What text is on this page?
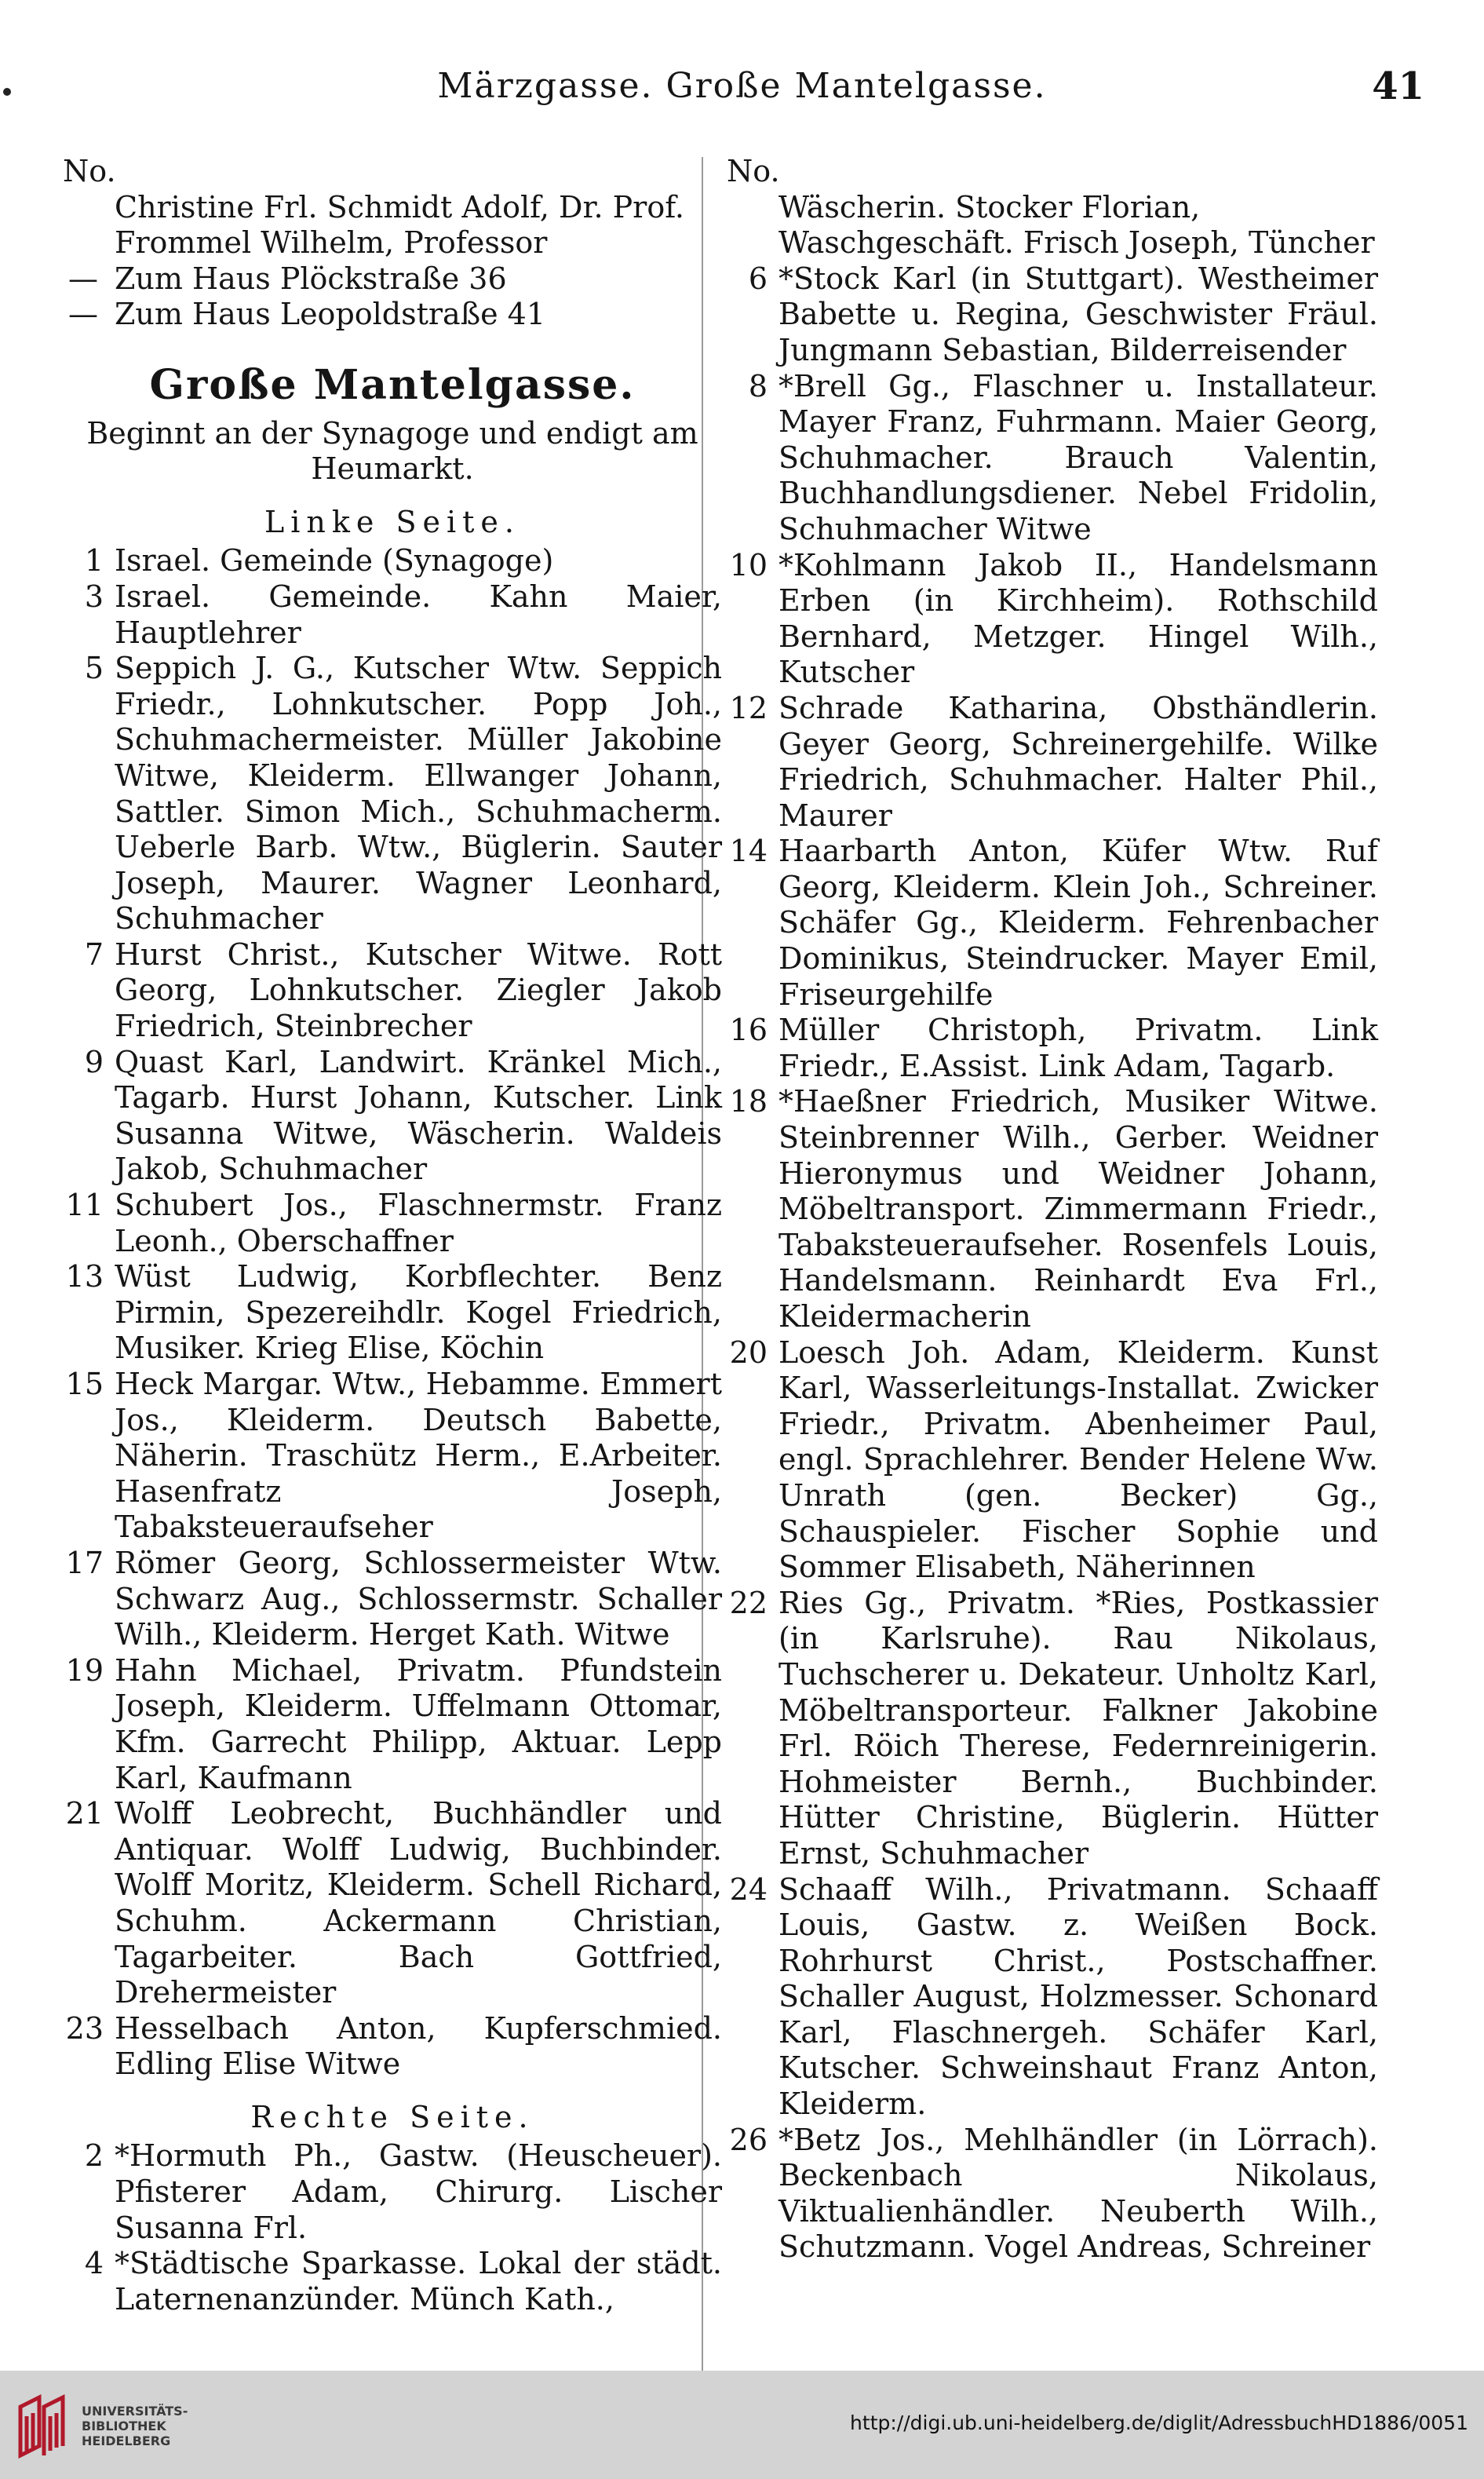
Märzgasse. Große Mantelgasse.	41
No.
Christine Frl. Schmidt Adolf, Dr. Prof. Frommel Wilhelm, Professor
— Zum Haus Plöckstraße 36
— Zum Haus Leopoldstraße 41
Große Mantelgasse.
Beginnt an der Synagoge und endigt am Heumarkt.
Linke Seite.
1 Israel. Gemeinde (Synagoge)
3 Israel. Gemeinde. Kahn Maier, Hauptlehrer
5 Seppich J. G., Kutscher Wtw. Seppich Friedr., Lohnkutscher. Popp Joh., Schuhmachermeister. Müller Jakobine Witwe, Kleiderm. Ellwanger Johann, Sattler. Simon Mich., Schuhmacherm. Ueberle Barb. Wtw., Büglerin. Sauter Joseph, Maurer. Wagner Leonhard, Schuhmacher
7 Hurst Christ., Kutscher Witwe. Rott Georg, Lohnkutscher. Ziegler Jakob Friedrich, Steinbrecher
9 Quast Karl, Landwirt. Kränkel Mich., Tagarb. Hurst Johann, Kutscher. Link Susanna Witwe, Wäscherin. Waldeis Jakob, Schuhmacher
11 Schubert Jos., Flaschnermstr. Franz Leonh., Oberschaffner
13 Wüst Ludwig, Korbflechter. Benz Pirmin, Spezereihdlr. Kogel Friedrich, Musiker. Krieg Elise, Köchin
15 Heck Margar. Wtw., Hebamme. Emmert Jos., Kleiderm. Deutsch Babette, Näherin. Traschütz Herm., E.Arbeiter. Hasenfratz Joseph, Tabaksteueraufseher
17 Römer Georg, Schlossermeister Wtw. Schwarz Aug., Schlossermstr. Schaller Wilh., Kleiderm. Herget Kath. Witwe
19 Hahn Michael, Privatm. Pfundstein Joseph, Kleiderm. Uffelmann Ottomar, Kfm. Garrecht Philipp, Aktuar. Lepp Karl, Kaufmann
21 Wolff Leobrecht, Buchhändler und Antiquar. Wolff Ludwig, Buchbinder. Wolff Moritz, Kleiderm. Schell Richard, Schuhm. Ackermann Christian, Tagarbeiter. Bach Gottfried, Drehermeister
23 Hesselbach Anton, Kupferschmied. Edling Elise Witwe
Rechte Seite.
2 *Hormuth Ph., Gastw. (Heuscheuer). Pfisterer Adam, Chirurg. Lischer Susanna Frl.
4 *Städtische Sparkasse. Lokal der städt. Laternenanzünder. Münch Kath.,
No.
Wäscherin. Stocker Florian, Waschgeschäft. Frisch Joseph, Tüncher
6 *Stock Karl (in Stuttgart). Westheimer Babette u. Regina, Geschwister Fräul. Jungmann Sebastian, Bilderreisender
8 *Brell Gg., Flaschner u. Installateur. Mayer Franz, Fuhrmann. Maier Georg, Schuhmacher. Brauch Valentin, Buchhandlungsdiener. Nebel Fridolin, Schuhmacher Witwe
10 *Kohlmann Jakob II., Handelsmann Erben (in Kirchheim). Rothschild Bernhard, Metzger. Hingel Wilh., Kutscher
12 Schrade Katharina, Obsthändlerin. Geyer Georg, Schreinergehilfe. Wilke Friedrich, Schuhmacher. Halter Phil., Maurer
14 Haarbarth Anton, Küfer Wtw. Ruf Georg, Kleiderm. Klein Joh., Schreiner. Schäfer Gg., Kleiderm. Fehrenbacher Dominikus, Steindrucker. Mayer Emil, Friseurgehilfe
16 Müller Christoph, Privatm. Link Friedr., E.Assist. Link Adam, Tagarb.
18 *Haeßner Friedrich, Musiker Witwe. Steinbrenner Wilh., Gerber. Weidner Hieronymus und Weidner Johann, Möbeltransport. Zimmermann Friedr., Tabaksteueraufseher. Rosenfels Louis, Handelsmann. Reinhardt Eva Frl., Kleidermacherin
20 Loesch Joh. Adam, Kleiderm. Kunst Karl, Wasserleitungs-Installat. Zwicker Friedr., Privatm. Abenheimer Paul, engl. Sprachlehrer. Bender Helene Ww. Unrath (gen. Becker) Gg., Schauspieler. Fischer Sophie und Sommer Elisabeth, Näherinnen
22 Ries Gg., Privatm. *Ries, Postkassier (in Karlsruhe). Rau Nikolaus, Tuchscherer u. Dekateur. Unholtz Karl, Möbeltransporteur. Falkner Jakobine Frl. Röich Therese, Federnreinigerin. Hohmeister Bernh., Buchbinder. Hütter Christine, Büglerin. Hütter Ernst, Schuhmacher
24 Schaaff Wilh., Privatmann. Schaaff Louis, Gastw. z. Weißen Bock. Rohrhurst Christ., Postschaffner. Schaller August, Holzmesser. Schonard Karl, Flaschnergeh. Schäfer Karl, Kutscher. Schweinshaut Franz Anton, Kleiderm.
26 *Betz Jos., Mehlhändler (in Lörrach). Beckenbach Nikolaus, Viktualienhändler. Neuberth Wilh., Schutzmann. Vogel Andreas, Schreiner
UNIVERSITÄTS-
BIBLIOTHEK
HEIDELBERG
http://digi.ub.uni-heidelberg.de/diglit/AdressbuchHD1886/0051
